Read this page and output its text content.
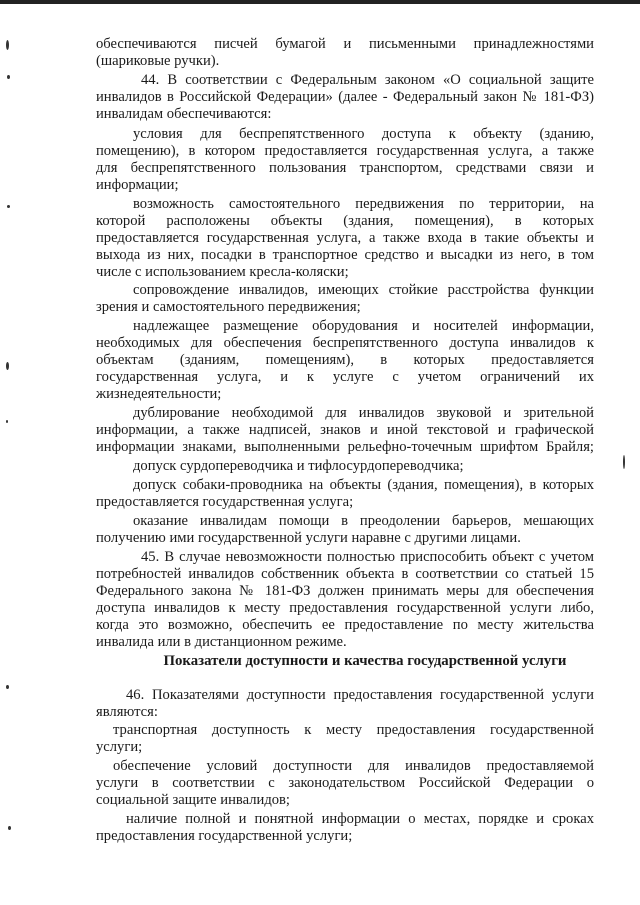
обеспечиваются писчей бумагой и письменными принадлежностями
(шариковые ручки).
44. В соответствии с Федеральным законом «О социальной защите
инвалидов в Российской Федерации» (далее - Федеральный закон № 181-ФЗ)
инвалидам обеспечиваются:
условия для беспрепятственного доступа к объекту (зданию,
помещению), в котором предоставляется государственная услуга, а также
для беспрепятственного пользования транспортом, средствами связи и
информации;
возможность самостоятельного передвижения по территории, на
которой расположены объекты (здания, помещения), в которых
предоставляется государственная услуга, а также входа в такие объекты и
выхода из них, посадки в транспортное средство и высадки из него, в том
числе с использованием кресла-коляски;
сопровождение инвалидов, имеющих стойкие расстройства функции
зрения и самостоятельного передвижения;
надлежащее размещение оборудования и носителей информации,
необходимых для обеспечения беспрепятственного доступа инвалидов к
объектам (зданиям, помещениям), в которых предоставляется
государственная услуга, и к услуге с учетом ограничений их
жизнедеятельности;
дублирование необходимой для инвалидов звуковой и зрительной
информации, а также надписей, знаков и иной текстовой и графической
информации знаками, выполненными рельефно-точечным шрифтом Брайля;
допуск сурдопереводчика и тифлосурдопереводчика;
допуск собаки-проводника на объекты (здания, помещения), в которых
предоставляется государственная услуга;
оказание инвалидам помощи в преодолении барьеров, мешающих
получению ими государственной услуги наравне с другими лицами.
45. В случае невозможности полностью приспособить объект с учетом
потребностей инвалидов собственник объекта в соответствии со статьей 15
Федерального закона № 181-ФЗ должен принимать меры для обеспечения
доступа инвалидов к месту предоставления государственной услуги либо,
когда это возможно, обеспечить ее предоставление по месту жительства
инвалида или в дистанционном режиме.
Показатели доступности и качества государственной услуги
46. Показателями доступности предоставления государственной услуги
являются:
транспортная доступность к месту предоставления государственной
услуги;
обеспечение условий доступности для инвалидов предоставляемой
услуги в соответствии с законодательством Российской Федерации о
социальной защите инвалидов;
наличие полной и понятной информации о местах, порядке и сроках
предоставления государственной услуги;
